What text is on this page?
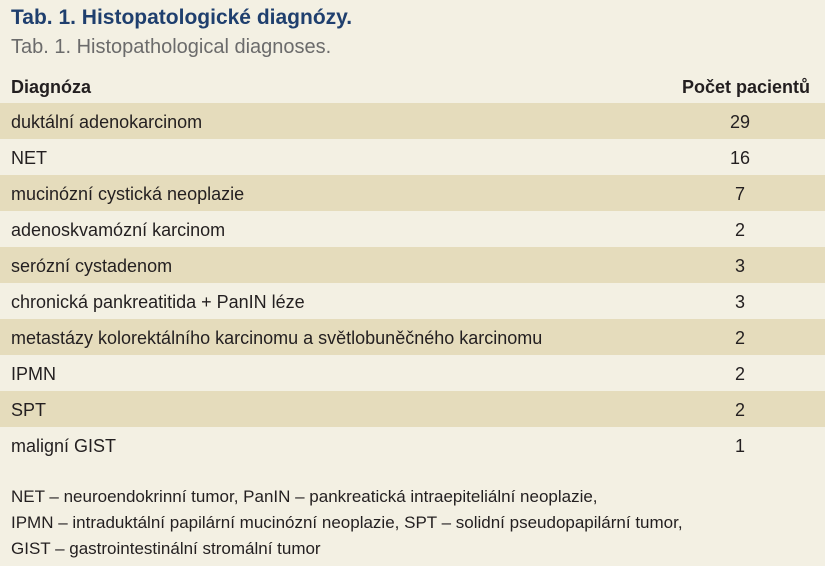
Tab. 1. Histopatologické diagnózy.
Tab. 1. Histopathological diagnoses.
Diagnóza	Počet pacientů
duktální adenokarcinom	29
NET	16
mucinózní cystická neoplazie	7
adenoskvamózní karcinom	2
serózní cystadenom	3
chronická pankreatitida + PanIN léze	3
metastázy kolorektálního karcinomu a světlobuněčného karcinomu	2
IPMN	2
SPT	2
maligní GIST	1
NET – neuroendokrinní tumor, PanIN – pankreatická intraepiteliální neoplazie,
IPMN – intraduktální papilární mucinózní neoplazie, SPT – solidní pseudopapilární tumor,
GIST – gastrointestinální stromální tumor
